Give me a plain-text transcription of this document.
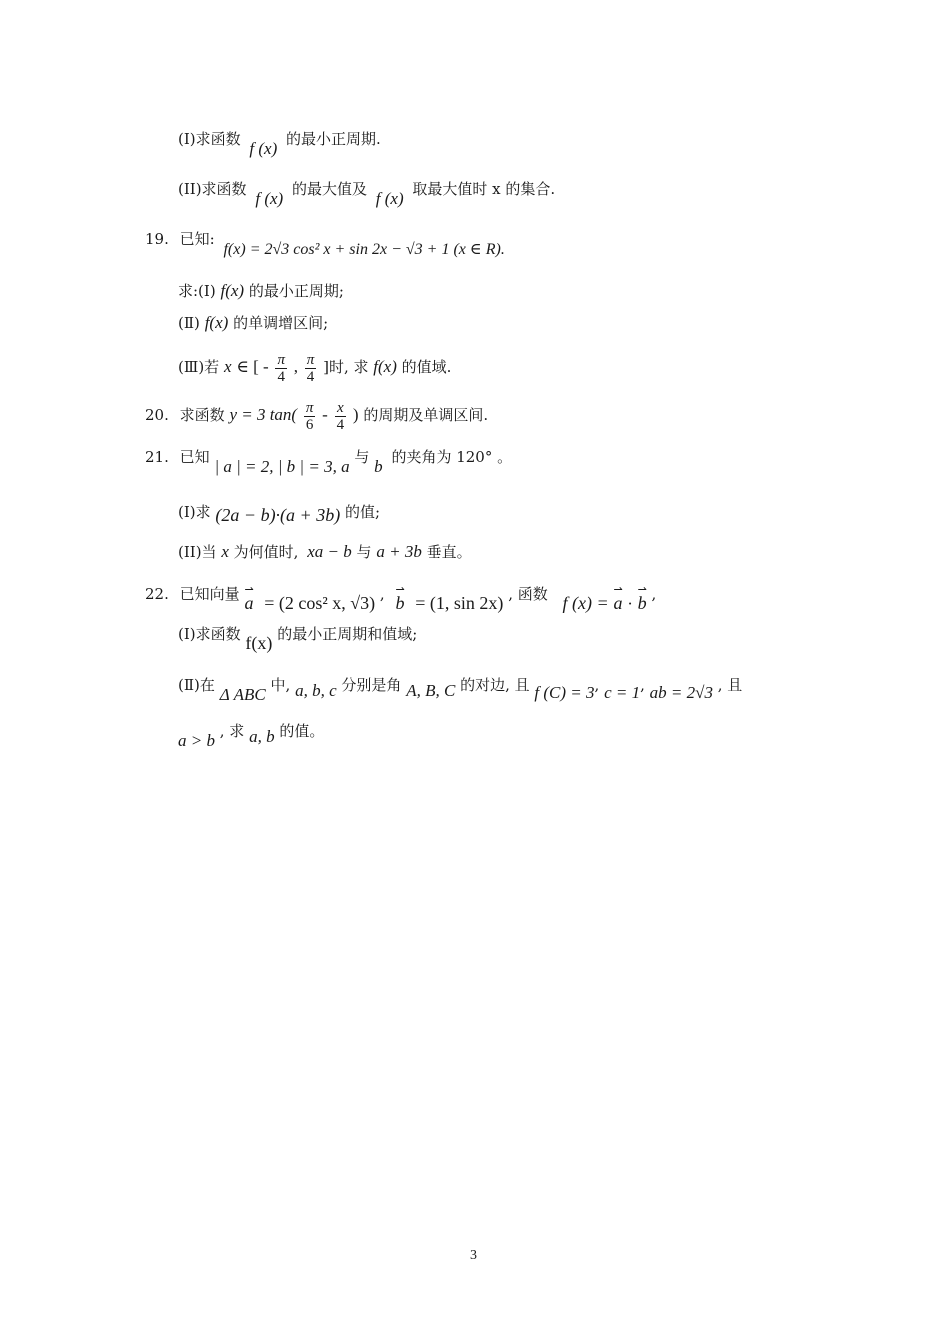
(I)求函数 f (x) 的最小正周期.
(II)求函数 f (x) 的最大值及 f (x) 取最大值时 x 的集合.
19. 已知: f(x) = 2√3 cos² x + sin 2x − √3 + 1 (x ∈ R).
求:(Ⅰ) f(x) 的最小正周期;
(Ⅱ) f(x) 的单调增区间;
(Ⅲ)若 x ∈ [ - $\frac{\pi}{4}$ , $\frac{\pi}{4}$ ]时, 求 f(x) 的值域.
20. 求函数 y = 3 $\tan( \frac{\pi}{6} - \frac{x}{4}$ ) 的周期及单调区间.
21. 已知 | a | = 2, | b | = 3, a 与 b 的夹角为 120° 。
(I)求 (2a − b)·(a + 3b) 的值;
(II)当 x 为何值时, xa − b 与 a + 3b 垂直。
22. 已知向量 ⇀ a = (2 cos² x, √3) , ⇀ b = (1, sin 2x) , 函数 f (x) = ⇀ a · ⇀ b ,
(Ⅰ)求函数 f(x) 的最小正周期和值域;
(Ⅱ)在 Δ ABC 中, a, b, c 分别是角 A, B, C 的对边, 且 f (C) = 3, c = 1, ab = 2√3 , 且
a > b , 求 a, b 的值。
3
